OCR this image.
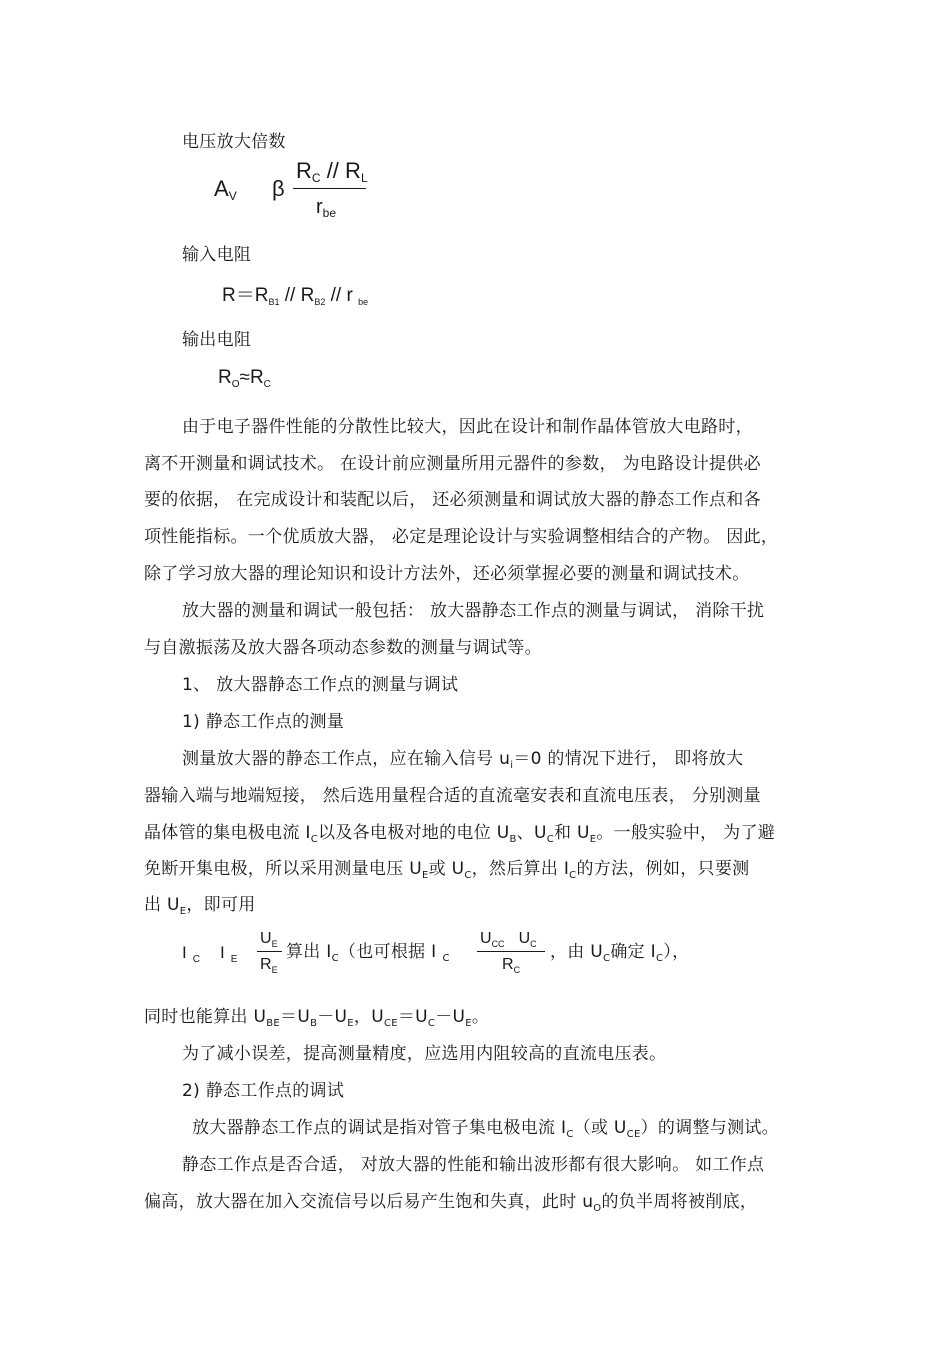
电压放大倍数
AV β
RC // RL
$r_{be}$
输入电阻
$R=R_{B1} // R_{B2} // r$ $_{be}$
输出电阻
$R_O\approx R_C$
由于电子器件性能的分散性比较大，因此在设计和制作晶体管放大电路时，
离不开测量和调试技术。 在设计前应测量所用元器件的参数， 为电路设计提供必
要的依据， 在完成设计和装配以后， 还必须测量和调试放大器的静态工作点和各
项性能指标。一个优质放大器， 必定是理论设计与实验调整相结合的产物。 因此，
除了学习放大器的理论知识和设计方法外，还必须掌握必要的测量和调试技术。
放大器的测量和调试一般包括： 放大器静态工作点的测量与调试， 消除干扰
与自激振荡及放大器各项动态参数的测量与调试等。
1、 放大器静态工作点的测量与调试
1) 静态工作点的测量
测量放大器的静态工作点，应在输入信号 $u_i=0$ 的情况下进行， 即将放大
器输入端与地端短接， 然后选用量程合适的直流毫安表和直流电压表， 分别测量
晶体管的集电极电流 $I_C$以及各电极对地的电位 $U_B$、$U_C$和 $U_E$。一般实验中， 为了避
免断开集电极，所以采用测量电压 $U_E$或 $U_C$，然后算出 $I_C$的方法，例如，只要测
出 $U_E$，即可用
I $_C$ I $_E$
$U_E$
$R_E$
算出 $I_C$（也可根据 I $_C$
$U_{CC}$ $U_C$
$R_C$
，由 $U_C$确定 $I_C$），
同时也能算出 $U_{BE}=U_B-U_E$，$U_{CE}=U_C-U_E$。
为了减小误差，提高测量精度，应选用内阻较高的直流电压表。
2) 静态工作点的调试
放大器静态工作点的调试是指对管子集电极电流 $I_C$（或 $U_{CE}$）的调整与测试。
静态工作点是否合适， 对放大器的性能和输出波形都有很大影响。 如工作点
偏高，放大器在加入交流信号以后易产生饱和失真，此时 $u_O$的负半周将被削底，
